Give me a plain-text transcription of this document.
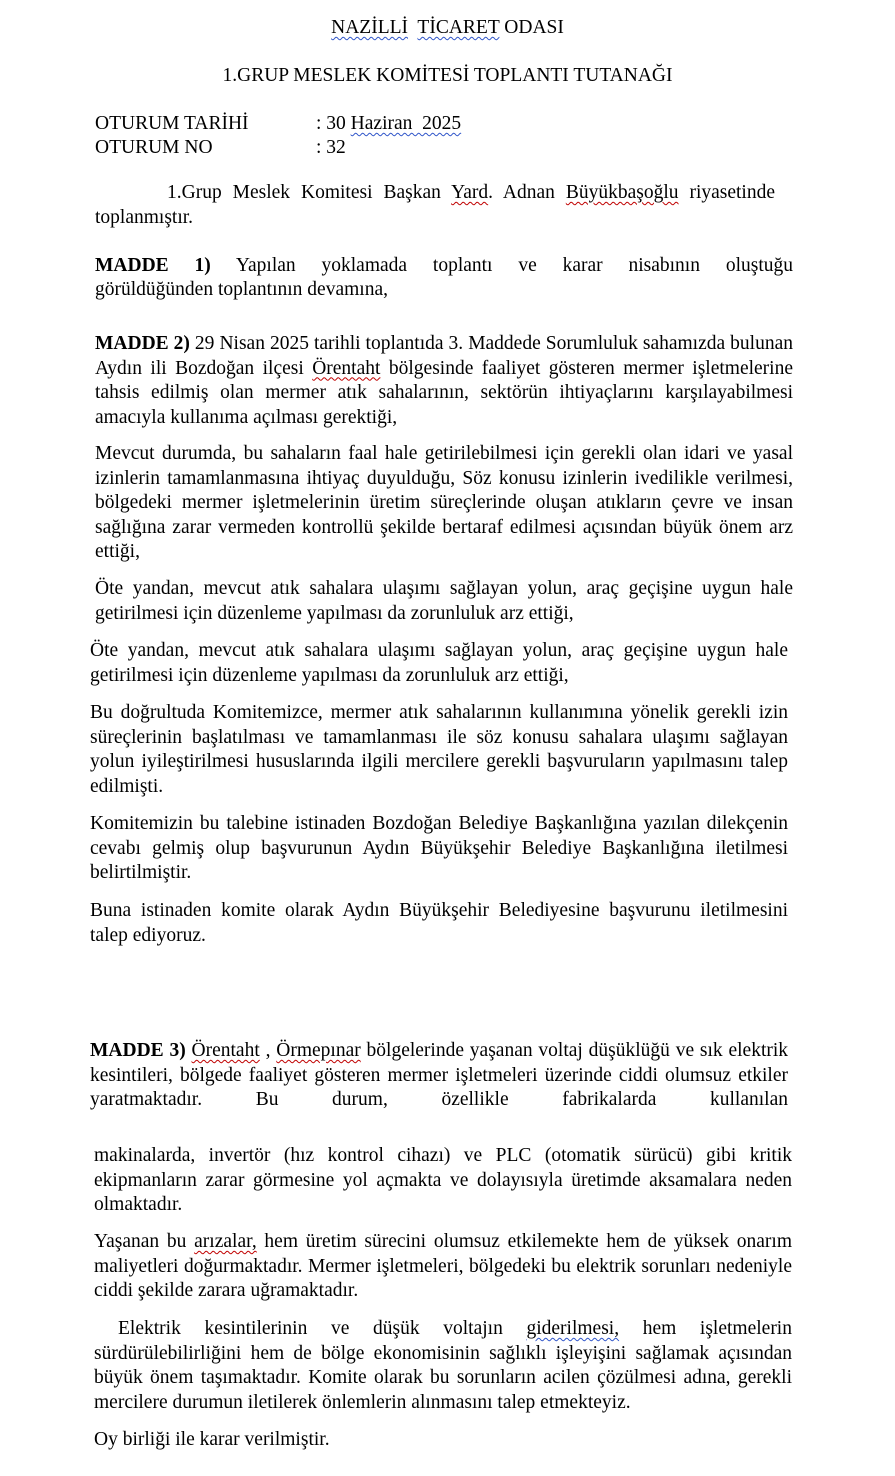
NAZİLLİ TİCARET ODASI
1.GRUP MESLEK KOMİTESİ TOPLANTI TUTANAĞI
OTURUM TARİHİ	: 30 Haziran  2025
OTURUM NO	: 32

1.Grup Meslek Komitesi Başkan Yard. Adnan Büyükbaşoğlu riyasetinde toplanmıştır.

MADDE 1) Yapılan yoklamada toplantı ve karar nisabının oluştuğu
görüldüğünden toplantının devamına,

MADDE 2) 29 Nisan 2025 tarihli toplantıda 3. Maddede Sorumluluk sahamızda bulunan Aydın ili Bozdoğan ilçesi Örentaht bölgesinde faaliyet gösteren mermer işletmelerine tahsis edilmiş olan mermer atık sahalarının, sektörün ihtiyaçlarını karşılayabilmesi amacıyla kullanıma açılması gerektiği,

Mevcut durumda, bu sahaların faal hale getirilebilmesi için gerekli olan idari ve yasal izinlerin tamamlanmasına ihtiyaç duyulduğu, Söz konusu izinlerin ivedilikle verilmesi, bölgedeki mermer işletmelerinin üretim süreçlerinde oluşan atıkların çevre ve insan sağlığına zarar vermeden kontrollü şekilde bertaraf edilmesi açısından büyük önem arz ettiği,
Öte yandan, mevcut atık sahalara ulaşımı sağlayan yolun, araç geçişine uygun hale getirilmesi için düzenleme yapılması da zorunluluk arz ettiği,
Öte yandan, mevcut atık sahalara ulaşımı sağlayan yolun, araç geçişine uygun hale getirilmesi için düzenleme yapılması da zorunluluk arz ettiği,
Bu doğrultuda Komitemizce, mermer atık sahalarının kullanımına yönelik gerekli izin süreçlerinin başlatılması ve tamamlanması ile söz konusu sahalara ulaşımı sağlayan yolun iyileştirilmesi hususlarında ilgili mercilere gerekli başvuruların yapılmasını talep edilmişti.
Komitemizin bu talebine istinaden Bozdoğan Belediye Başkanlığına yazılan dilekçenin cevabı gelmiş olup başvurunun Aydın Büyükşehir Belediye Başkanlığına iletilmesi belirtilmiştir.
Buna istinaden komite olarak Aydın Büyükşehir Belediyesine başvurunu iletilmesini talep ediyoruz.

MADDE 3) Örentaht , Örmepınar bölgelerinde yaşanan voltaj düşüklüğü ve sık elektrik kesintileri, bölgede faaliyet gösteren mermer işletmeleri üzerinde ciddi olumsuz etkiler yaratmaktadır. Bu durum, özellikle fabrikalarda kullanılan

makinalarda, invertör (hız kontrol cihazı) ve PLC (otomatik sürücü) gibi kritik ekipmanların zarar görmesine yol açmakta ve dolayısıyla üretimde aksamalara neden olmaktadır.

Yaşanan bu arızalar, hem üretim sürecini olumsuz etkilemekte hem de yüksek onarım maliyetleri doğurmaktadır. Mermer işletmeleri, bölgedeki bu elektrik sorunları nedeniyle ciddi şekilde zarara uğramaktadır.

Elektrik kesintilerinin ve düşük voltajın giderilmesi, hem işletmelerin sürdürülebilirliğini hem de bölge ekonomisinin sağlıklı işleyişini sağlamak açısından büyük önem taşımaktadır. Komite olarak bu sorunların acilen çözülmesi adına, gerekli mercilere durumun iletilerek önlemlerin alınmasını talep etmekteyiz.

Oy birliği ile karar verilmiştir.
